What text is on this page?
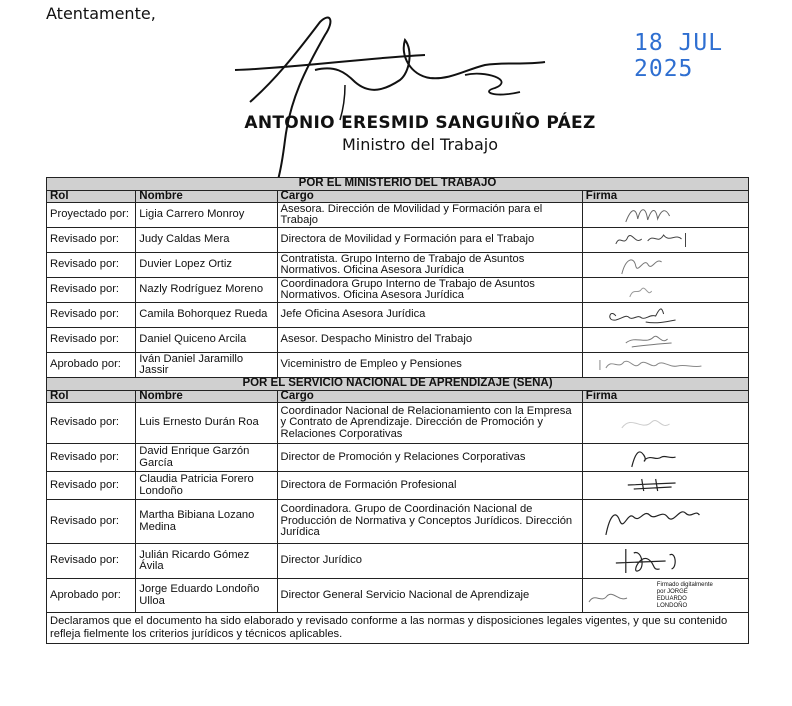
Atentamente,
18 JUL 2025
ANTONIO ERESMID SANGUIÑO PÁEZ
Ministro del Trabajo
POR EL MINISTERIO DEL TRABAJO			
Rol	Nombre	Cargo	Firma
Proyectado por:	Ligia Carrero Monroy	Asesora. Dirección de Movilidad y Formación para el Trabajo	

Revisado por:	Judy Caldas Mera	Directora de Movilidad y Formación para el Trabajo	

Revisado por:	Duvier Lopez Ortiz	Contratista. Grupo Interno de Trabajo de Asuntos Normativos. Oficina Asesora Jurídica	

Revisado por:	Nazly Rodríguez Moreno	Coordinadora Grupo Interno de Trabajo de Asuntos Normativos. Oficina Asesora Jurídica	

Revisado por:	Camila Bohorquez Rueda	Jefe Oficina Asesora Jurídica	

Revisado por:	Daniel Quiceno Arcila	Asesor. Despacho Ministro del Trabajo	

Aprobado por:	Iván Daniel Jaramillo Jassir	Viceministro de Empleo y Pensiones	

POR EL SERVICIO NACIONAL DE APRENDIZAJE (SENA)			
Rol	Nombre	Cargo	Firma
Revisado por:	Luis Ernesto Durán Roa	Coordinador Nacional de Relacionamiento con la Empresa y Contrato de Aprendizaje. Dirección de Promoción y Relaciones Corporativas	

Revisado por:	David Enrique Garzón García	Director de Promoción y Relaciones Corporativas	

Revisado por:	Claudia Patricia Forero Londoño	Directora de Formación Profesional	

Revisado por:	Martha Bibiana Lozano Medina	Coordinadora. Grupo de Coordinación Nacional de Producción de Normativa y Conceptos Jurídicos. Dirección Jurídica	

Revisado por:	Julián Ricardo Gómez Ávila	Director Jurídico	

Aprobado por:	Jorge Eduardo Londoño Ulloa	Director General Servicio Nacional de Aprendizaje	Firmado digitalmente por JORGE EDUARDO LONDOÑO

Declaramos que el documento ha sido elaborado y revisado conforme a las normas y disposiciones legales vigentes, y que su contenido refleja fielmente los criterios jurídicos y técnicos aplicables.			
